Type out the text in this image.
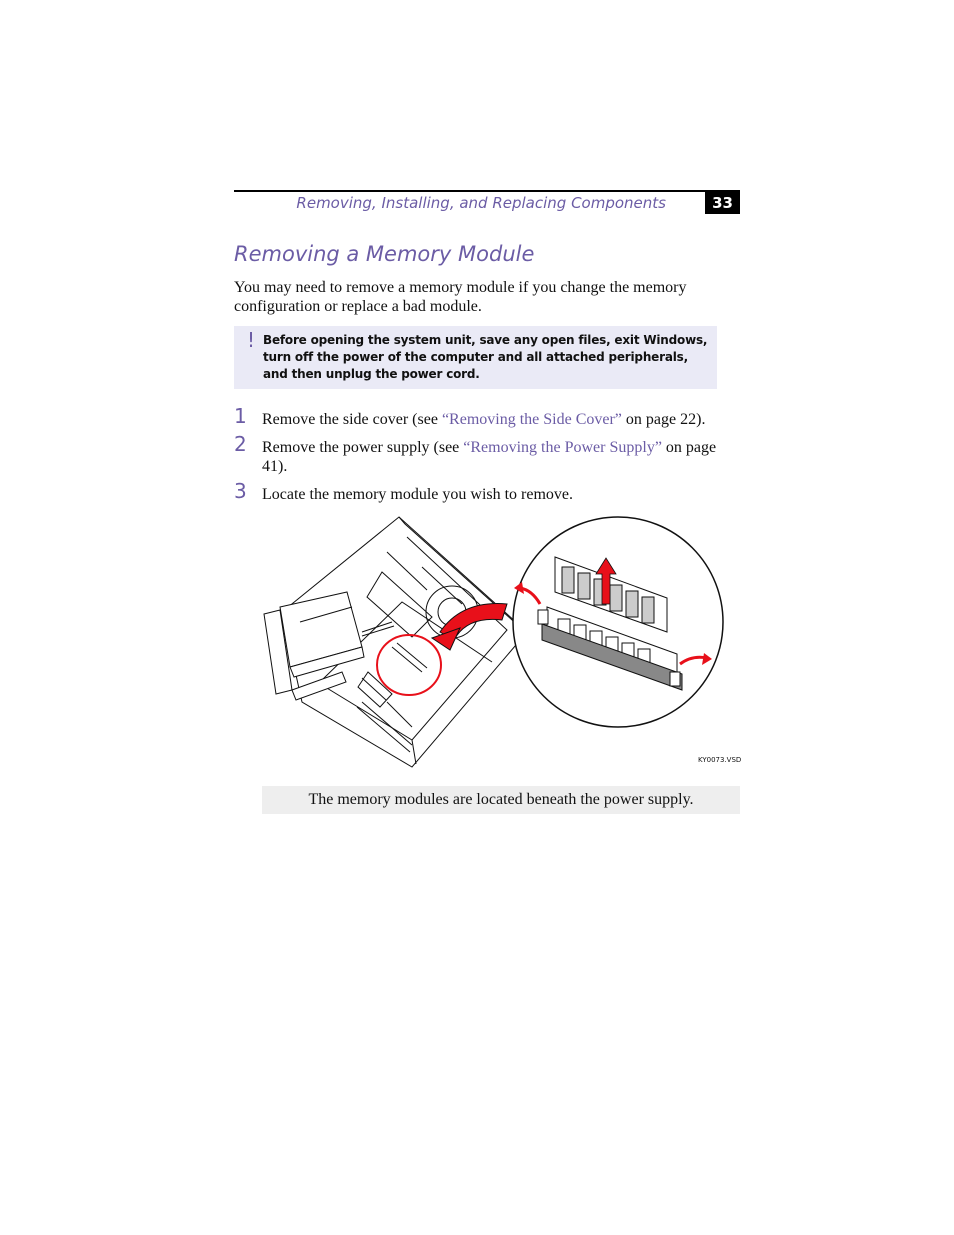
Removing, Installing, and Replacing Components	33
Removing a Memory Module

You may need to remove a memory module if you change the memory configuration or replace a bad module.

! Before opening the system unit, save any open files, exit Windows, turn off the power of the computer and all attached peripherals, and then unplug the power cord.
1 Remove the side cover (see “Removing the Side Cover” on page 22).
2 Remove the power supply (see “Removing the Power Supply” on page 41).
3 Locate the memory module you wish to remove.
KY0073.VSD
The memory modules are located beneath the power supply.
